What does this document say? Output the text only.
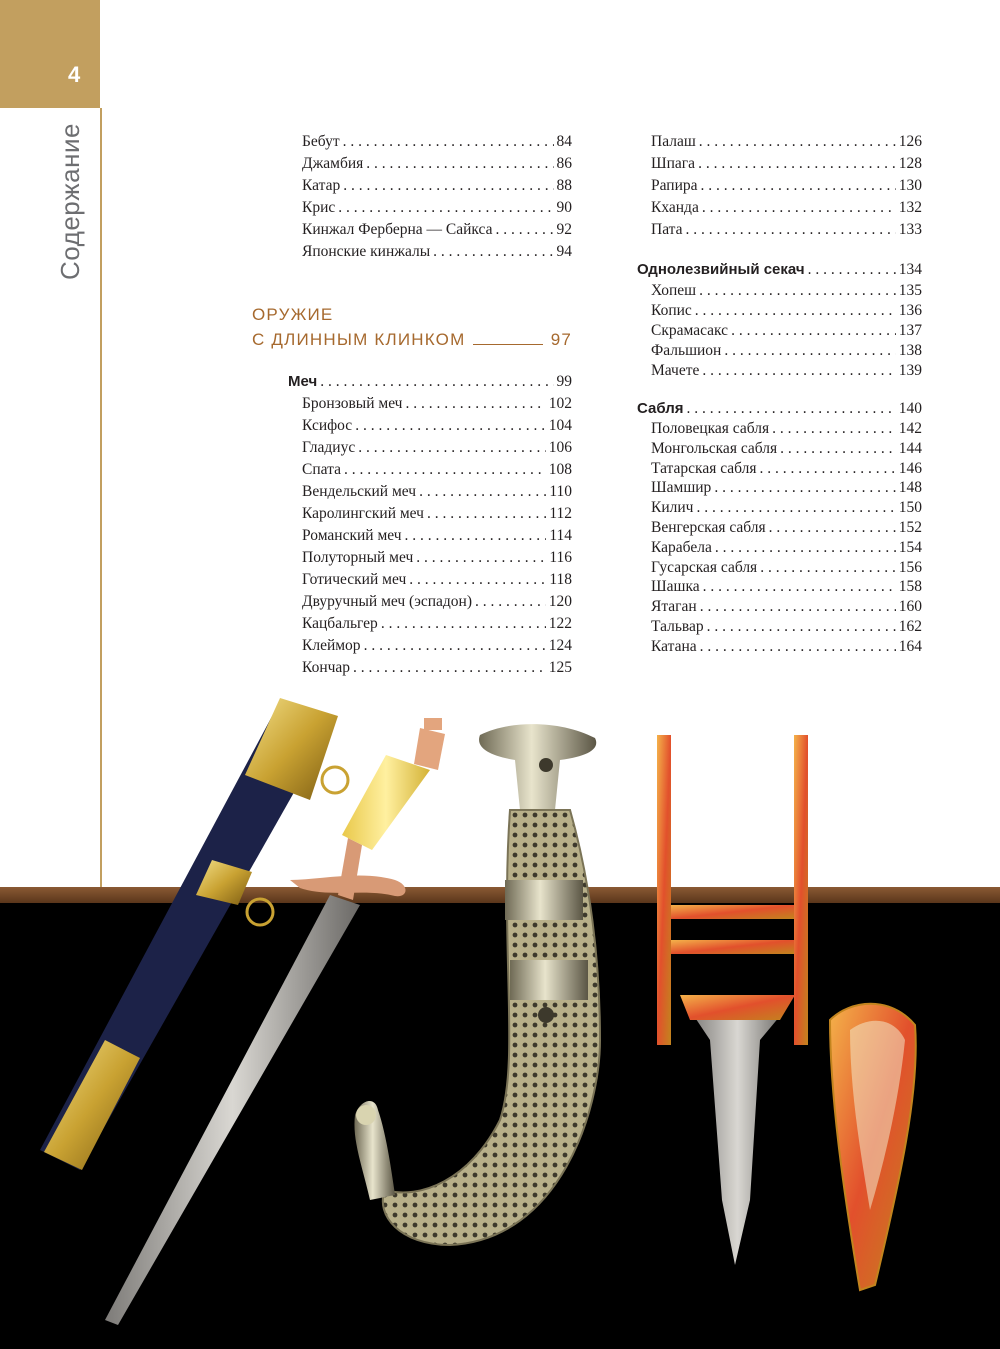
4
Содержание	Бебут . . .	84
Джамбия . . .	86
Катар . . .	88
Крис . . .	90
Кинжал Ферберна — Сайкса . . .	92
Японские кинжалы . . .	94
ОРУЖИЕ
С ДЛИННЫМ КЛИНКОМ	97
Меч . . .	99
Бронзовый меч . . .	102
Ксифос . . .	104
Гладиус . . .	106
Спата . . .	108
Вендельский меч . . .	110
Каролингский меч . . .	112
Романский меч . . .	114
Полуторный меч . . .	116
Готический меч . . .	118
Двуручный меч (эспадон) . . .	120
Кацбальгер . . .	122
Клеймор . . .	124
Кончар . . .	125
Палаш . . .	126
Шпага . . .	128
Рапира . . .	130
Кханда . . .	132
Пата . . .	133
Однолезвийный секач . . .	134
Хопеш . . .	135
Копис . . .	136
Скрамасакс . . .	137
Фальшион . . .	138
Мачете . . .	139
Сабля . . .	140
Половецкая сабля . . .	142
Монгольская сабля . . .	144
Татарская сабля . . .	146
Шамшир . . .	148
Килич . . .	150
Венгерская сабля . . .	152
Карабела . . .	154
Гусарская сабля . . .	156
Шашка . . .	158
Ятаган . . .	160
Тальвар . . .	162
Катана . . .	164
